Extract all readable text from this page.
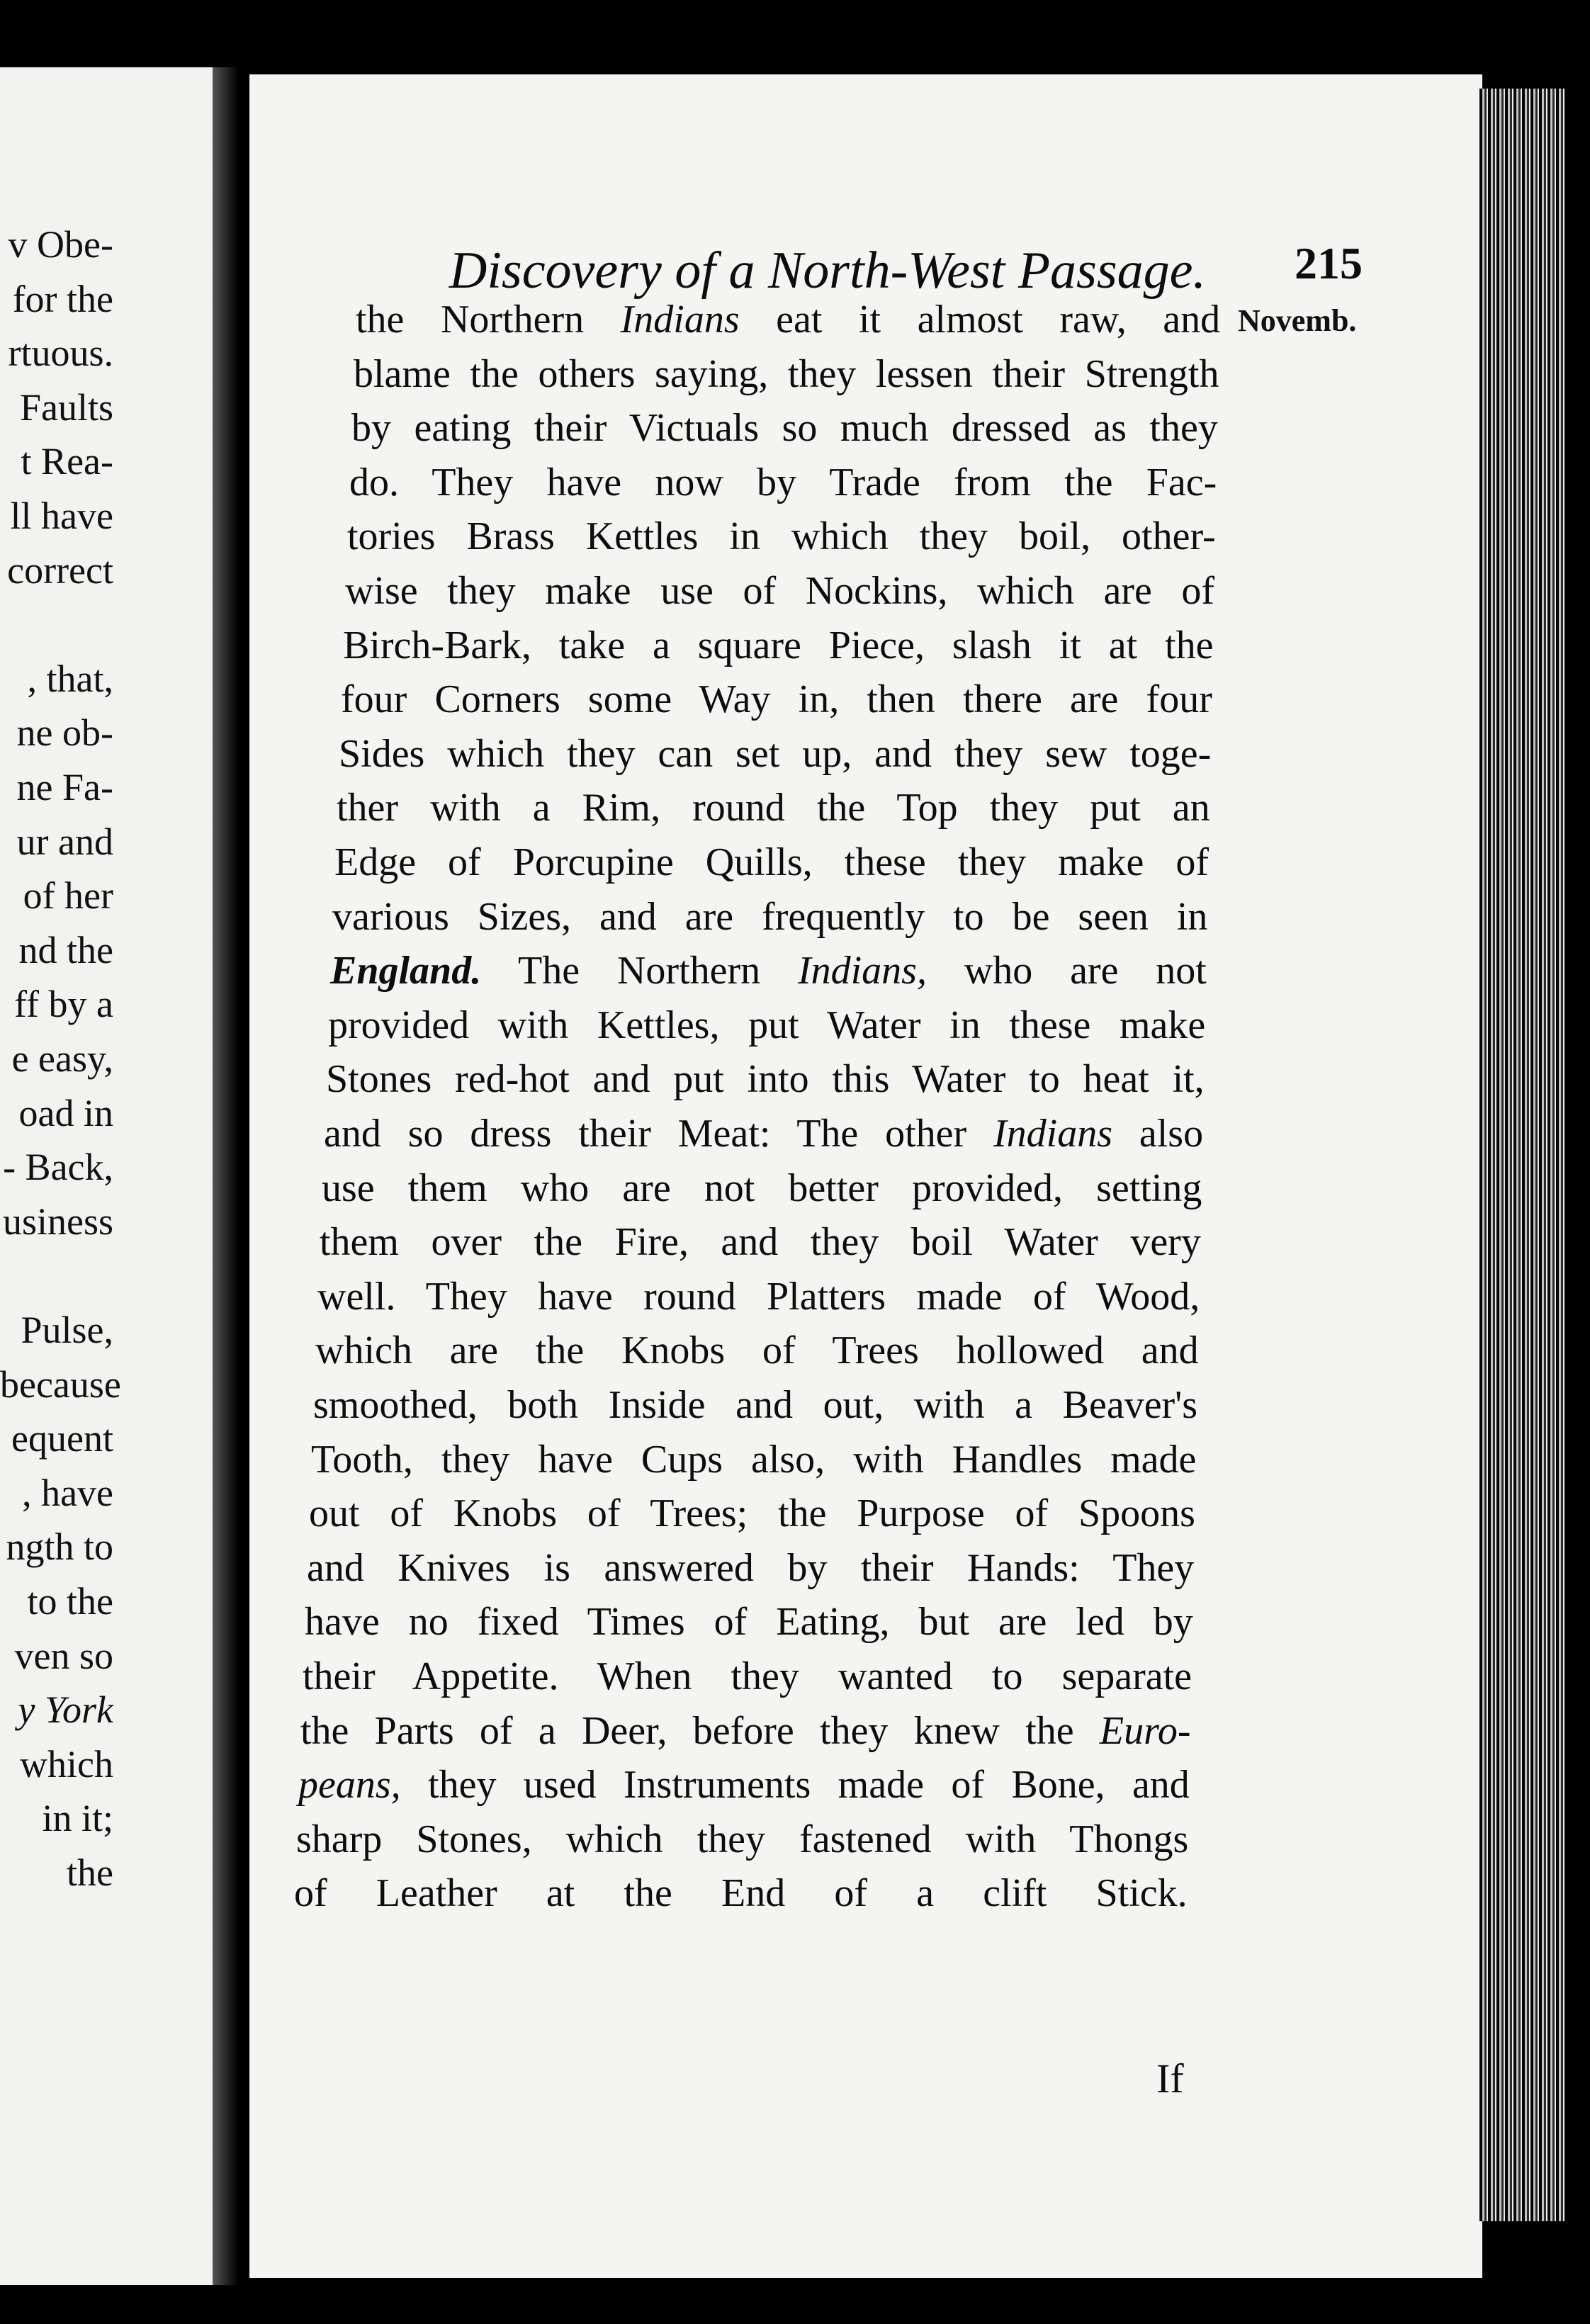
v Obe-
for the
rtuous.
Faults
t Rea-
ll have
correct
, that,
ne ob-
ne Fa-
ur and
of her
nd the
ff by a
e easy,
oad in
- Back,
usiness
Pulse,
because
equent
, have
ngth to
to the
ven so
y York
which
in it;
the
Discovery of a North-West Passage. 215
Novemb.
the Northern Indians eat it almost raw, and
blame the others saying, they lessen their Strength
by eating their Victuals so much dressed as they
do. They have now by Trade from the Fac-
tories Brass Kettles in which they boil, other-
wise they make use of Nockins, which are of
Birch-Bark, take a square Piece, slash it at the
four Corners some Way in, then there are four
Sides which they can set up, and they sew toge-
ther with a Rim, round the Top they put an
Edge of Porcupine Quills, these they make of
various Sizes, and are frequently to be seen in
England. The Northern Indians, who are not
provided with Kettles, put Water in these make
Stones red-hot and put into this Water to heat it,
and so dress their Meat: The other Indians also
use them who are not better provided, setting
them over the Fire, and they boil Water very
well. They have round Platters made of Wood,
which are the Knobs of Trees hollowed and
smoothed, both Inside and out, with a Beaver's
Tooth, they have Cups also, with Handles made
out of Knobs of Trees; the Purpose of Spoons
and Knives is answered by their Hands: They
have no fixed Times of Eating, but are led by
their Appetite. When they wanted to separate
the Parts of a Deer, before they knew the Euro-
peans, they used Instruments made of Bone, and
sharp Stones, which they fastened with Thongs
of Leather at the End of a clift Stick.
If
